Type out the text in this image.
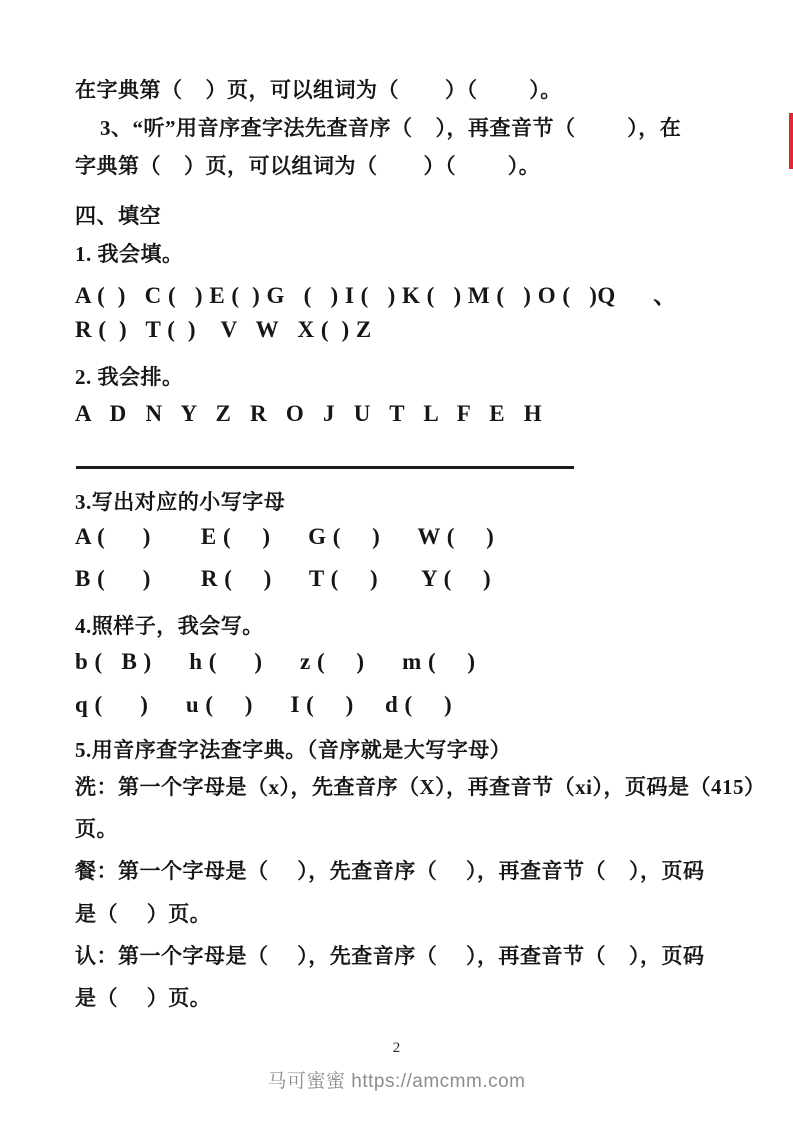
在字典第（    ）页，可以组词为（        ）（         ）。
3、“听”用音序查字法先查音序（    ），再查音节（         ），在
字典第（    ）页，可以组词为（        ）（         ）。
四、填空
1. 我会填。
A (  )   C (   ) E (  ) G   (   ) I (   ) K (   ) M (   ) O (   )Q      、
R (  )   T (  )    V   W   X (  ) Z
2. 我会排。
A   D   N   Y   Z   R   O   J   U   T   L   F   E   H
3.写出对应的小写字母
A (      )        E (     )      G (     )      W (     )
B (      )        R (     )      T (     )       Y (     )
4.照样子，我会写。
b (   B )      h (      )      z (     )      m (     )
q (      )      u (     )      I (     )     d (     )
5.用音序查字法查字典。（音序就是大写字母）
洗：第一个字母是（x），先查音序（X），再查音节（xi），页码是（415）
页。
餐：第一个字母是（     ），先查音序（     ），再查音节（    ），页码
是（     ）页。
认：第一个字母是（     ），先查音序（     ），再查音节（    ），页码
是（     ）页。
2
马可蜜蜜 https://amcmm.com
